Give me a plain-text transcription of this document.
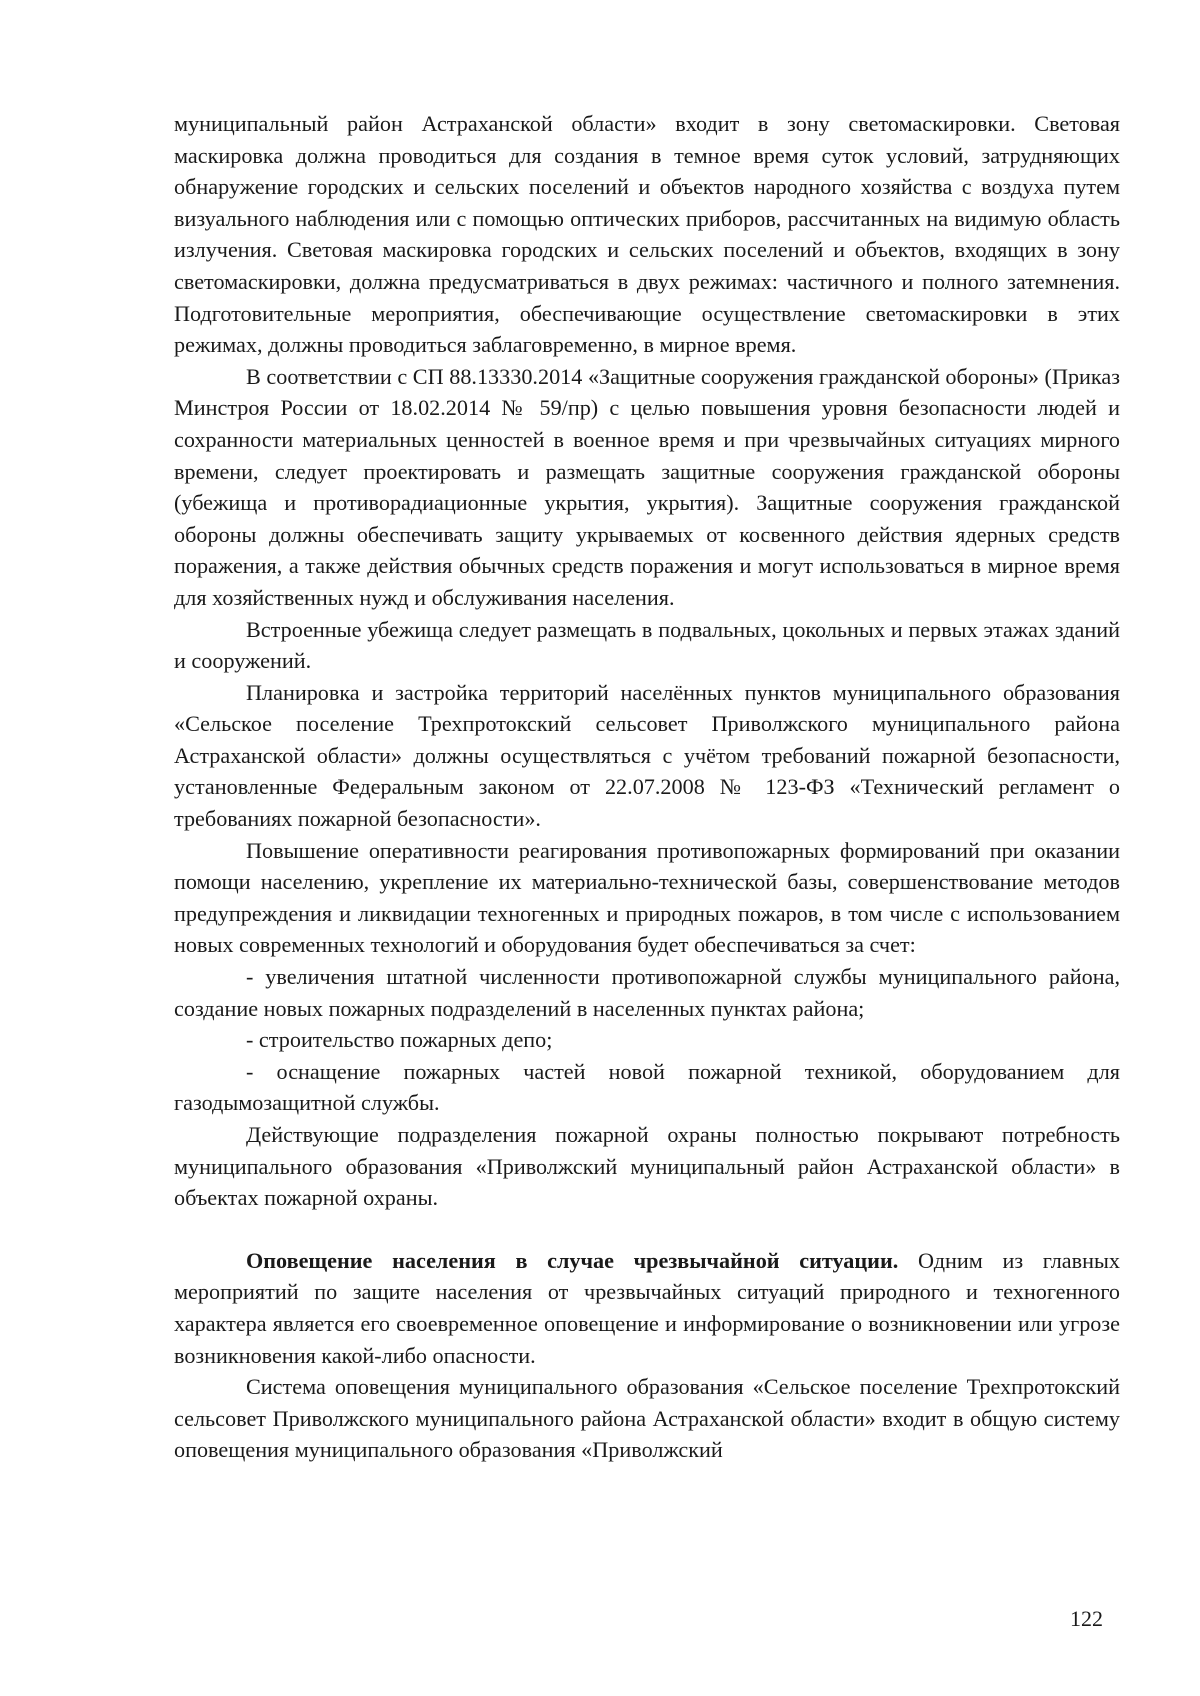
муниципальный район Астраханской области» входит в зону светомаскировки. Световая маскировка должна проводиться для создания в темное время суток условий, затрудняющих обнаружение городских и сельских поселений и объектов народного хозяйства с воздуха путем визуального наблюдения или с помощью оптических приборов, рассчитанных на видимую область излучения. Световая маскировка городских и сельских поселений и объектов, входящих в зону светомаскировки, должна предусматриваться в двух режимах: частичного и полного затемнения. Подготовительные мероприятия, обеспечивающие осуществление светомаскировки в этих режимах, должны проводиться заблаговременно, в мирное время.

В соответствии с СП 88.13330.2014 «Защитные сооружения гражданской обороны» (Приказ Минстроя России от 18.02.2014 № 59/пр) с целью повышения уровня безопасности людей и сохранности материальных ценностей в военное время и при чрезвычайных ситуациях мирного времени, следует проектировать и размещать защитные сооружения гражданской обороны (убежища и противорадиационные укрытия, укрытия). Защитные сооружения гражданской обороны должны обеспечивать защиту укрываемых от косвенного действия ядерных средств поражения, а также действия обычных средств поражения и могут использоваться в мирное время для хозяйственных нужд и обслуживания населения.

Встроенные убежища следует размещать в подвальных, цокольных и первых этажах зданий и сооружений.

Планировка и застройка территорий населённых пунктов муниципального образования «Сельское поселение Трехпротокский сельсовет Приволжского муниципального района Астраханской области» должны осуществляться с учётом требований пожарной безопасности, установленные Федеральным законом от 22.07.2008 № 123-ФЗ «Технический регламент о требованиях пожарной безопасности».

Повышение оперативности реагирования противопожарных формирований при оказании помощи населению, укрепление их материально-технической базы, совершенствование методов предупреждения и ликвидации техногенных и природных пожаров, в том числе с использованием новых современных технологий и оборудования будет обеспечиваться за счет:

- увеличения штатной численности противопожарной службы муниципального района, создание новых пожарных подразделений в населенных пунктах района;

- строительство пожарных депо;

- оснащение пожарных частей новой пожарной техникой, оборудованием для газодымозащитной службы.

Действующие подразделения пожарной охраны полностью покрывают потребность муниципального образования «Приволжский муниципальный район Астраханской области» в объектах пожарной охраны.

Оповещение населения в случае чрезвычайной ситуации. Одним из главных мероприятий по защите населения от чрезвычайных ситуаций природного и техногенного характера является его своевременное оповещение и информирование о возникновении или угрозе возникновения какой-либо опасности.

Система оповещения муниципального образования «Сельское поселение Трехпротокский сельсовет Приволжского муниципального района Астраханской области» входит в общую систему оповещения муниципального образования «Приволжский

122
